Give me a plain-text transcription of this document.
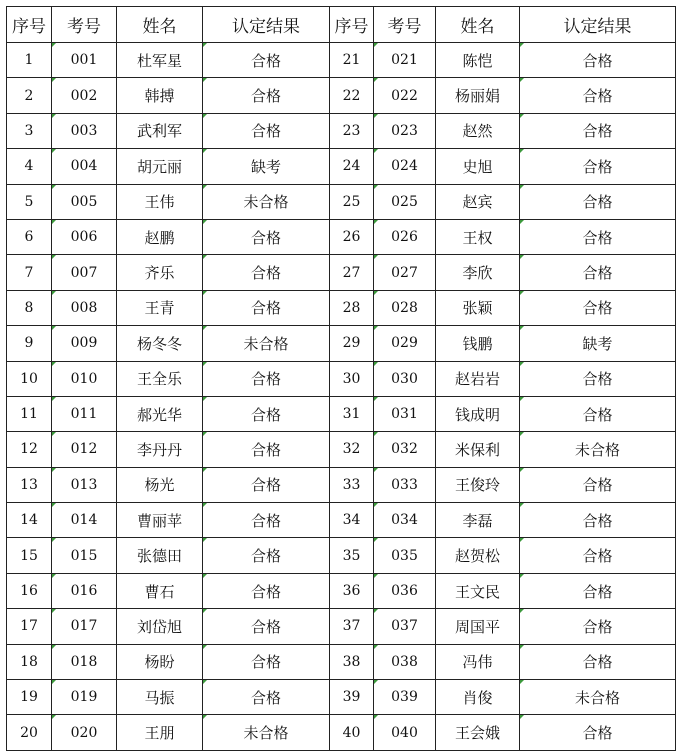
序号	考号	姓名	认定结果	序号	考号	姓名	认定结果
1	001	杜军星	合格	21	021	陈恺	合格
2	002	韩搏	合格	22	022	杨丽娟	合格
3	003	武利军	合格	23	023	赵然	合格
4	004	胡元丽	缺考	24	024	史旭	合格
5	005	王伟	未合格	25	025	赵宾	合格
6	006	赵鹏	合格	26	026	王权	合格
7	007	齐乐	合格	27	027	李欣	合格
8	008	王青	合格	28	028	张颖	合格
9	009	杨冬冬	未合格	29	029	钱鹏	缺考
10	010	王全乐	合格	30	030	赵岩岩	合格
11	011	郝光华	合格	31	031	钱成明	合格
12	012	李丹丹	合格	32	032	米保利	未合格
13	013	杨光	合格	33	033	王俊玲	合格
14	014	曹丽苹	合格	34	034	李磊	合格
15	015	张德田	合格	35	035	赵贺松	合格
16	016	曹石	合格	36	036	王文民	合格
17	017	刘岱旭	合格	37	037	周国平	合格
18	018	杨盼	合格	38	038	冯伟	合格
19	019	马振	合格	39	039	肖俊	未合格
20	020	王朋	未合格	40	040	王会娥	合格
